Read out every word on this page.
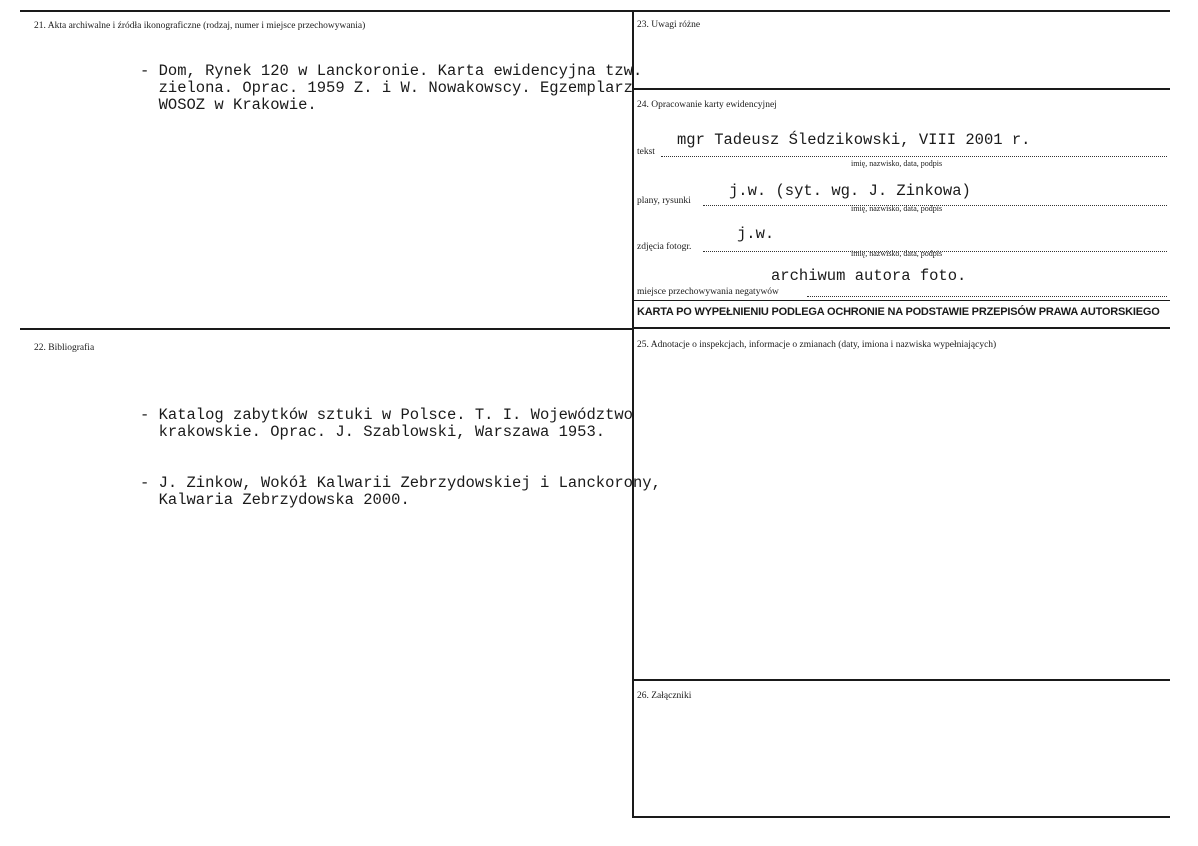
21. Akta archiwalne i źródła ikonograficzne (rodzaj, numer i miejsce przechowywania)
- Dom, Rynek 120 w Lanckoronie. Karta ewidencyjna tzw.
zielona. Oprac. 1959 Z. i W. Nowakowscy. Egzemplarz
WOSOZ w Krakowie.
22. Bibliografia

- Katalog zabytków sztuki w Polsce. T. I. Województwo
krakowskie. Oprac. J. Szablowski, Warszawa 1953.

- J. Zinkow, Wokół Kalwarii Zebrzydowskiej i Lanckorony,
Kalwaria Zebrzydowska 2000.

23. Uwagi różne
24. Opracowanie karty ewidencyjnej
tekst
mgr Tadeusz Śledzikowski, VIII 2001 r.
imię, nazwisko, data, podpis
plany, rysunki
j.w. (syt. wg. J. Zinkowa)
imię, nazwisko, data, podpis
zdjęcia fotogr.
j.w.
imię, nazwisko, data, podpis
miejsce przechowywania negatywów
archiwum autora foto.
KARTA PO WYPEŁNIENIU PODLEGA OCHRONIE NA PODSTAWIE PRZEPISÓW PRAWA AUTORSKIEGO
25. Adnotacje o inspekcjach, informacje o zmianach (daty, imiona i nazwiska wypełniających)
26. Załączniki
